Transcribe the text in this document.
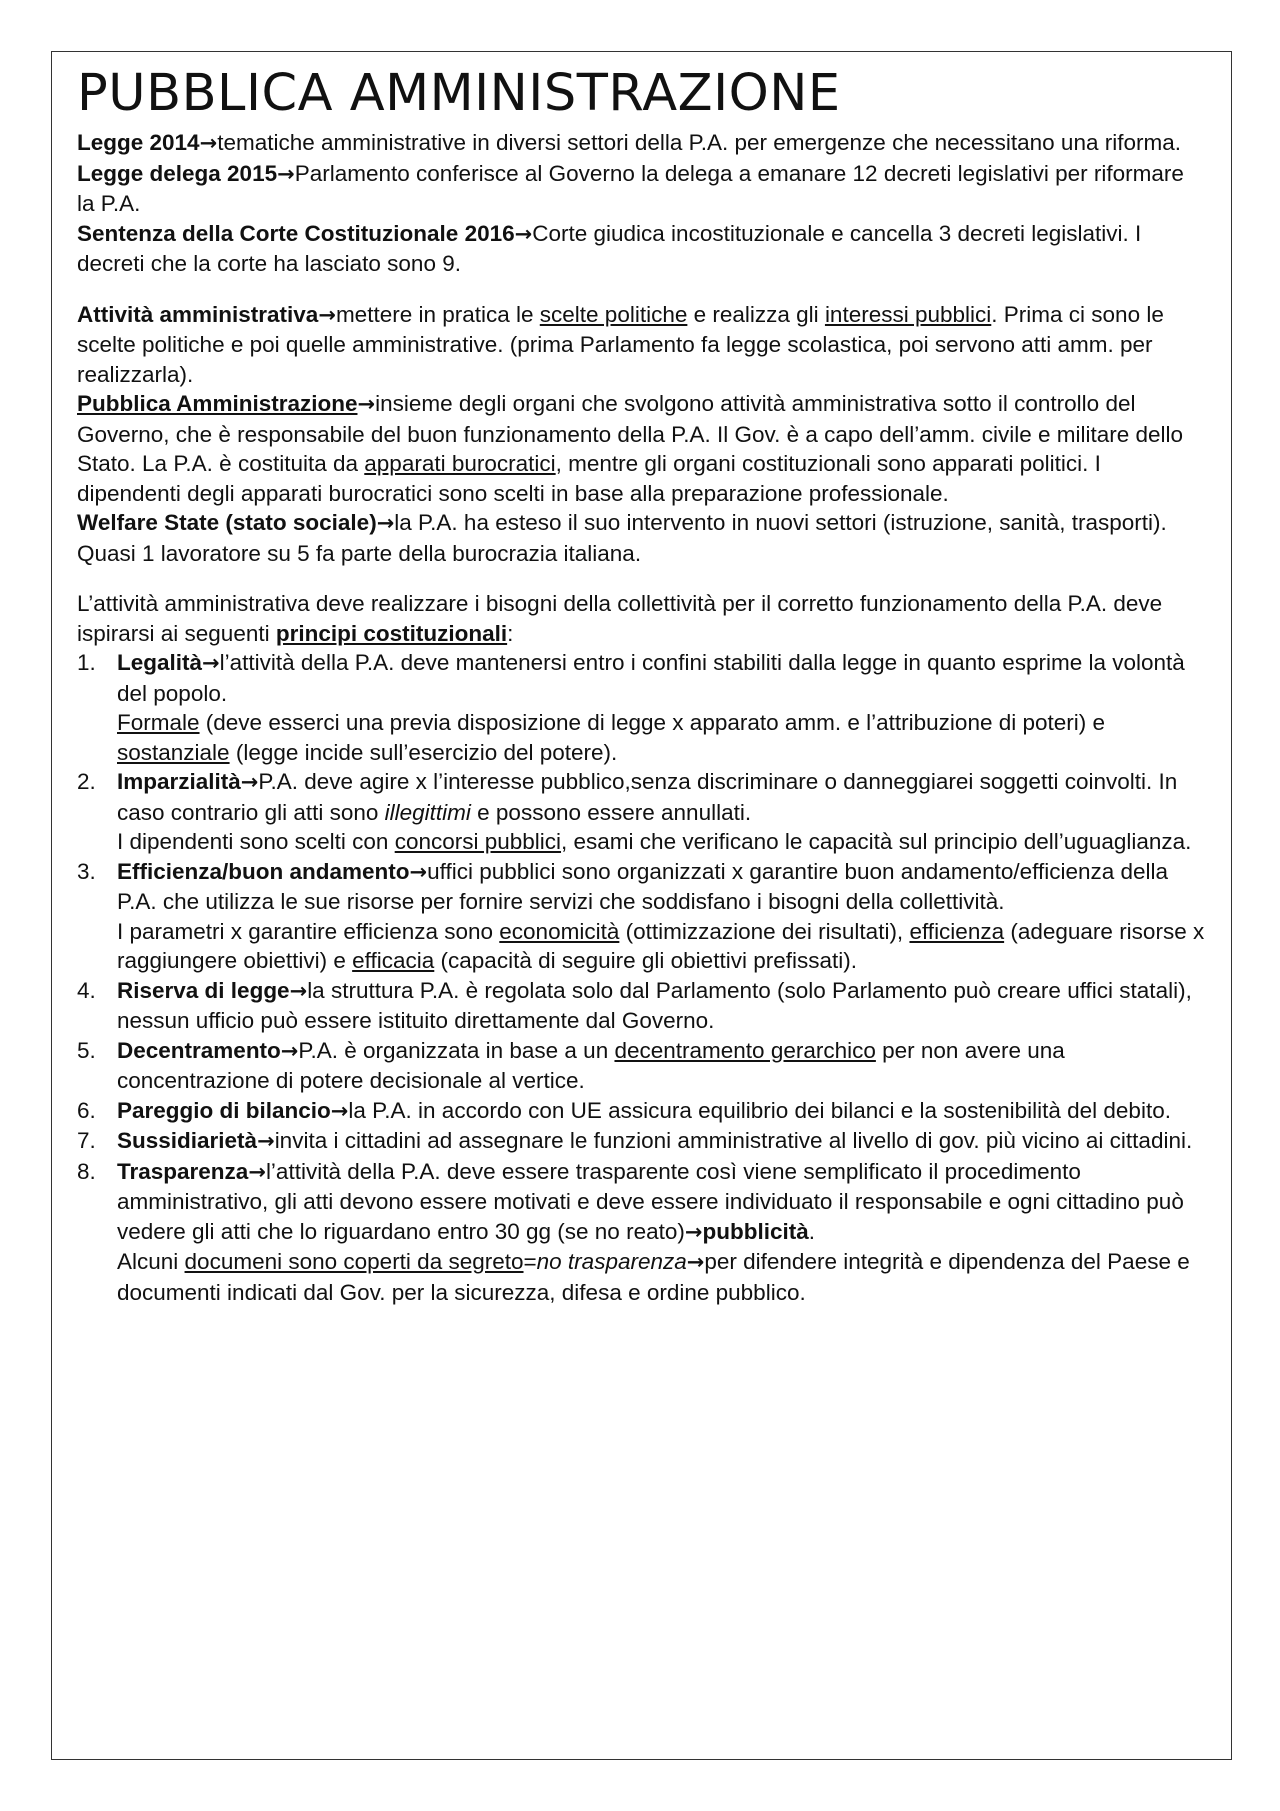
PUBBLICA AMMINISTRAZIONE

Legge 2014→tematiche amministrative in diversi settori della P.A. per emergenze che necessitano una riforma.

Legge delega 2015→Parlamento conferisce al Governo la delega a emanare 12 decreti legislativi per riformare la P.A.

Sentenza della Corte Costituzionale 2016→Corte giudica incostituzionale e cancella 3 decreti legislativi. I decreti che la corte ha lasciato sono 9.

Attività amministrativa→mettere in pratica le scelte politiche e realizza gli interessi pubblici. Prima ci sono le scelte politiche e poi quelle amministrative. (prima Parlamento fa legge scolastica, poi servono atti amm. per realizzarla).

Pubblica Amministrazione→insieme degli organi che svolgono attività amministrativa sotto il controllo del Governo, che è responsabile del buon funzionamento della P.A. Il Gov. è a capo dell’amm. civile e militare dello Stato. La P.A. è costituita da apparati burocratici, mentre gli organi costituzionali sono apparati politici. I dipendenti degli apparati burocratici sono scelti in base alla preparazione professionale.

Welfare State (stato sociale)→la P.A. ha esteso il suo intervento in nuovi settori (istruzione, sanità, trasporti). Quasi 1 lavoratore su 5 fa parte della burocrazia italiana.

L’attività amministrativa deve realizzare i bisogni della collettività per il corretto funzionamento della P.A. deve ispirarsi ai seguenti principi costituzionali:

1. Legalità→l’attività della P.A. deve mantenersi entro i confini stabiliti dalla legge in quanto esprime la volontà del popolo.
Formale (deve esserci una previa disposizione di legge x apparato amm. e l’attribuzione di poteri) e sostanziale (legge incide sull’esercizio del potere).
2. Imparzialità→P.A. deve agire x l’interesse pubblico,senza discriminare o danneggiarei soggetti coinvolti. In caso contrario gli atti sono illegittimi e possono essere annullati.
I dipendenti sono scelti con concorsi pubblici, esami che verificano le capacità sul principio dell’uguaglianza.
3. Efficienza/buon andamento→uffici pubblici sono organizzati x garantire buon andamento/efficienza della P.A. che utilizza le sue risorse per fornire servizi che soddisfano i bisogni della collettività.
I parametri x garantire efficienza sono economicità (ottimizzazione dei risultati), efficienza (adeguare risorse x raggiungere obiettivi) e efficacia (capacità di seguire gli obiettivi prefissati).
4. Riserva di legge→la struttura P.A. è regolata solo dal Parlamento (solo Parlamento può creare uffici statali), nessun ufficio può essere istituito direttamente dal Governo.
5. Decentramento→P.A. è organizzata in base a un decentramento gerarchico per non avere una concentrazione di potere decisionale al vertice.
6. Pareggio di bilancio→la P.A. in accordo con UE assicura equilibrio dei bilanci e la sostenibilità del debito.
7. Sussidiarietà→invita i cittadini ad assegnare le funzioni amministrative al livello di gov. più vicino ai cittadini.
8. Trasparenza→l’attività della P.A. deve essere trasparente così viene semplificato il procedimento amministrativo, gli atti devono essere motivati e deve essere individuato il responsabile e ogni cittadino può vedere gli atti che lo riguardano entro 30 gg (se no reato)→pubblicità.
Alcuni documeni sono coperti da segreto=no trasparenza→per difendere integrità e dipendenza del Paese e documenti indicati dal Gov. per la sicurezza, difesa e ordine pubblico.
